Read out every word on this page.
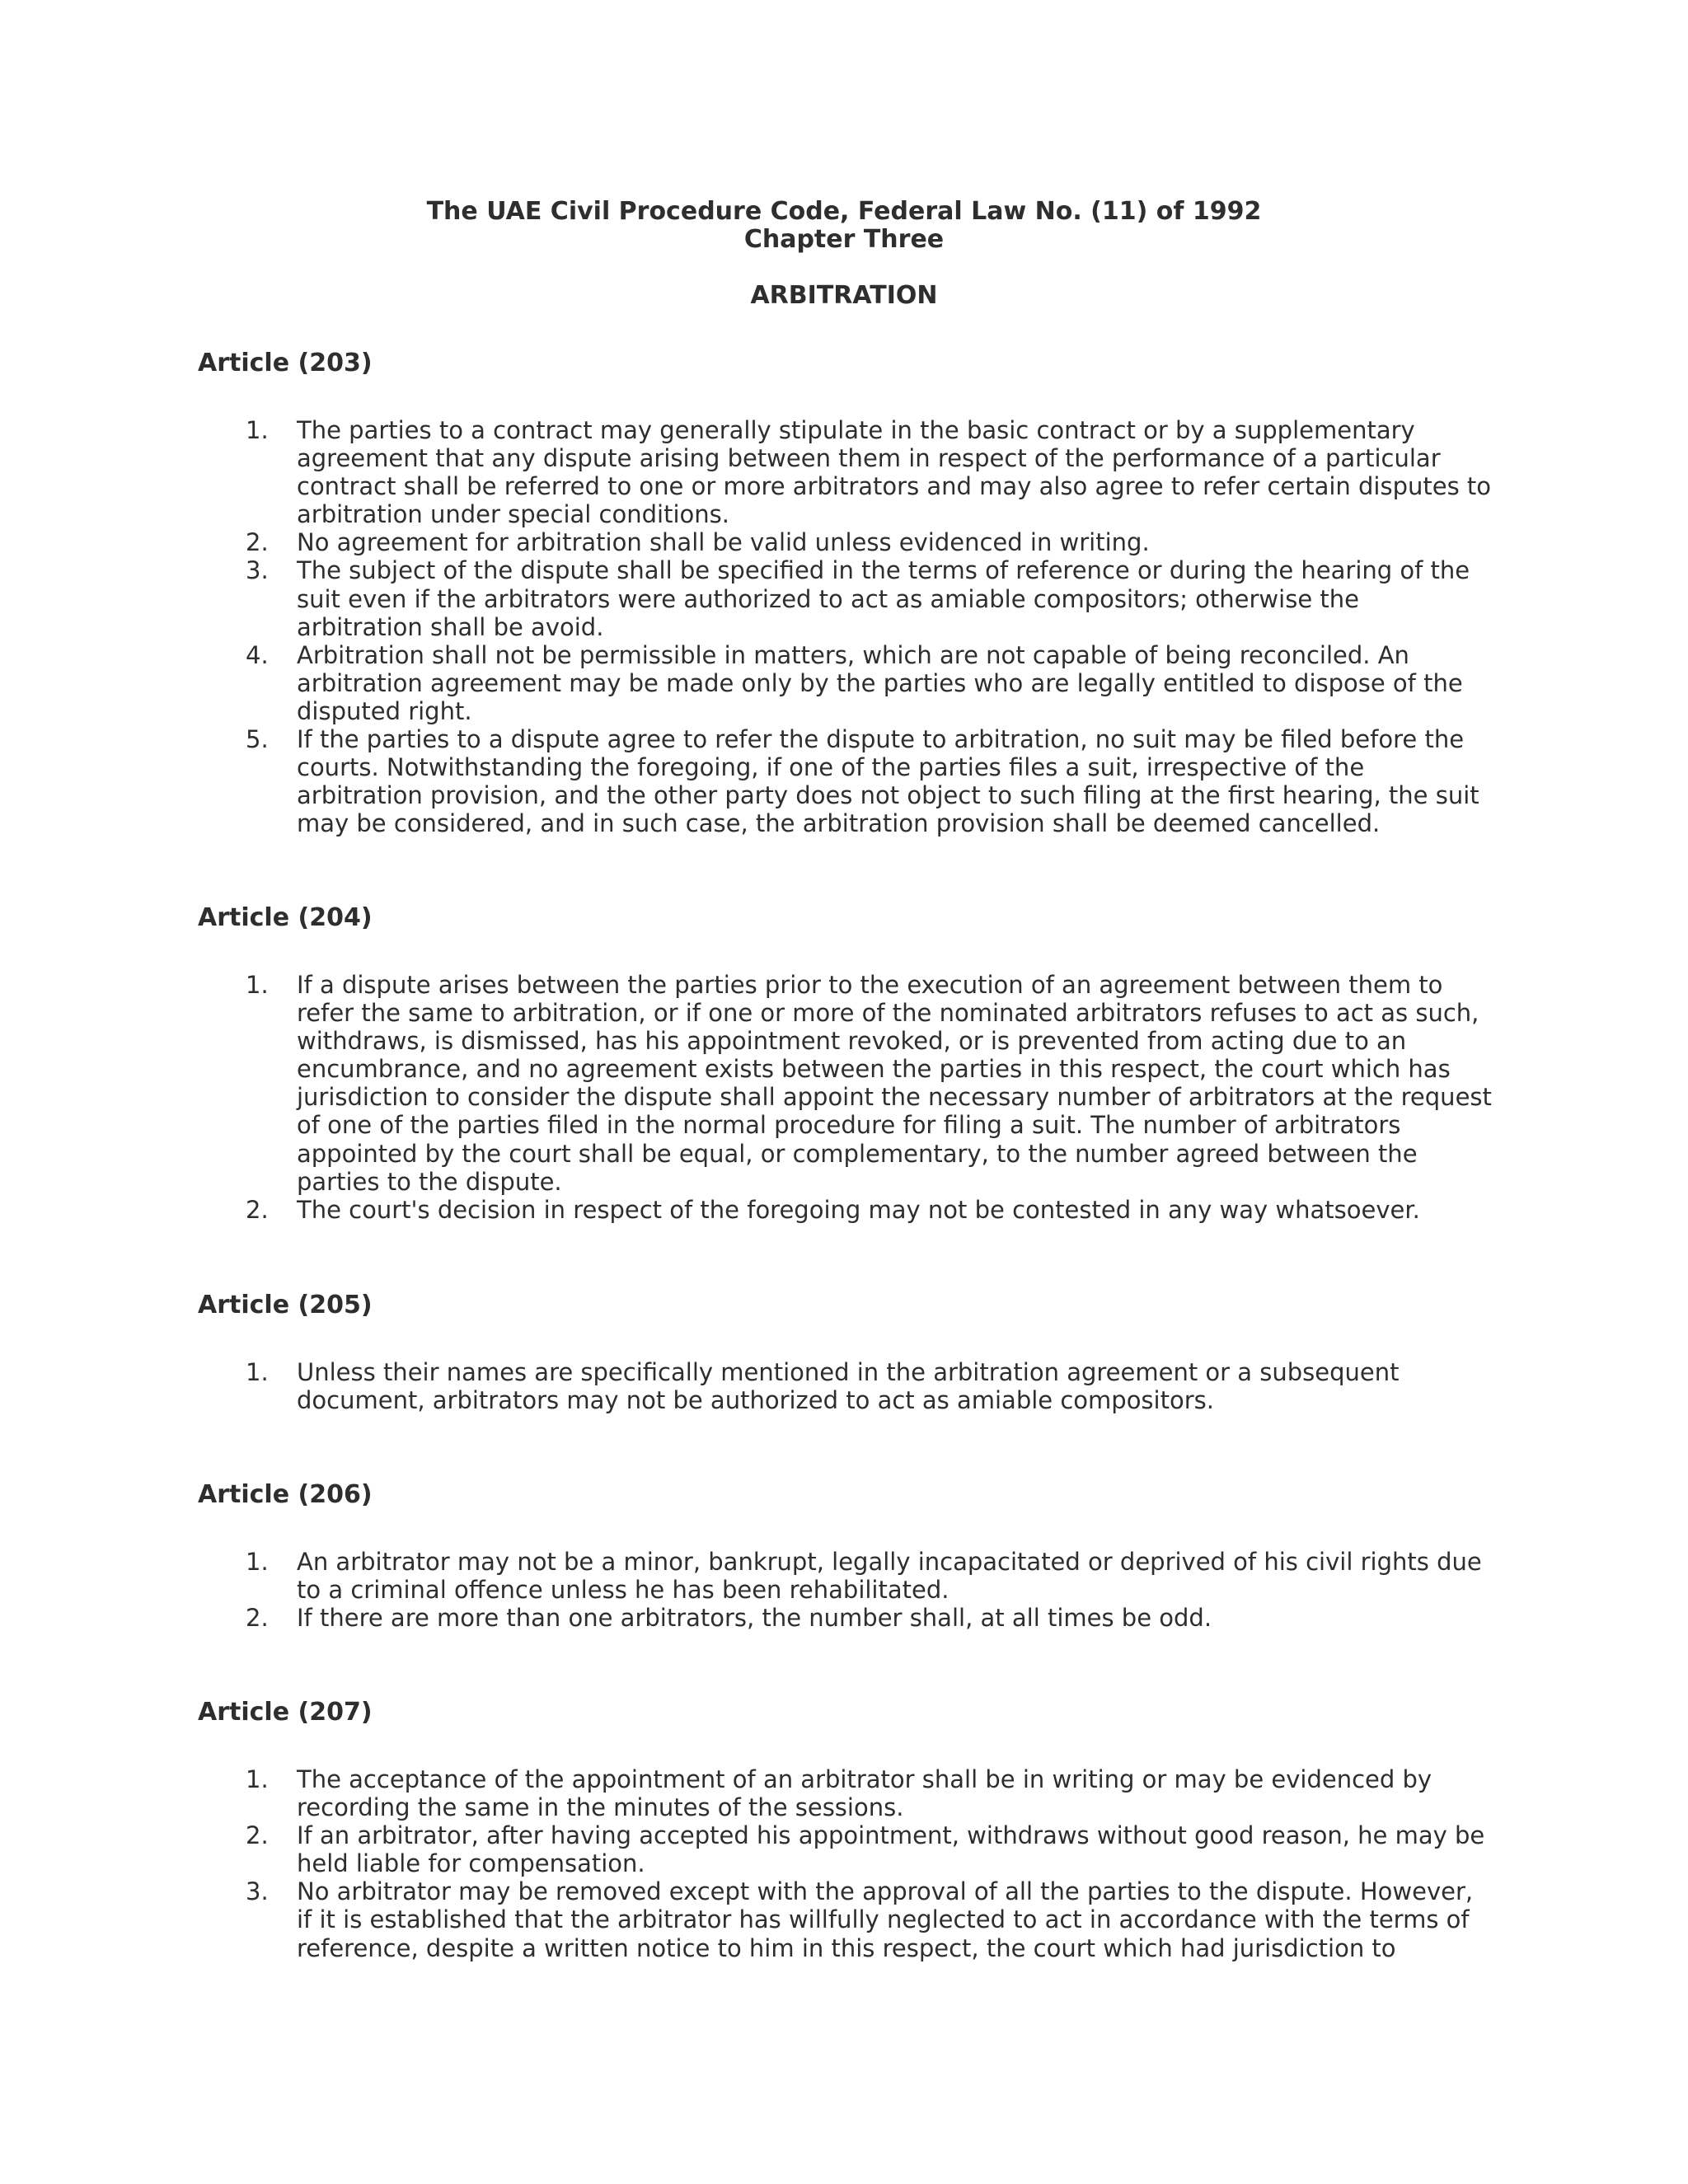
The UAE Civil Procedure Code, Federal Law No. (11) of 1992
Chapter Three
ARBITRATION
Article (203)
1. The parties to a contract may generally stipulate in the basic contract or by a supplementary agreement that any dispute arising between them in respect of the performance of a particular contract shall be referred to one or more arbitrators and may also agree to refer certain disputes to arbitration under special conditions.
2. No agreement for arbitration shall be valid unless evidenced in writing.
3. The subject of the dispute shall be specified in the terms of reference or during the hearing of the suit even if the arbitrators were authorized to act as amiable compositors; otherwise the arbitration shall be avoid.
4. Arbitration shall not be permissible in matters, which are not capable of being reconciled. An arbitration agreement may be made only by the parties who are legally entitled to dispose of the disputed right.
5. If the parties to a dispute agree to refer the dispute to arbitration, no suit may be filed before the courts. Notwithstanding the foregoing, if one of the parties files a suit, irrespective of the arbitration provision, and the other party does not object to such filing at the first hearing, the suit may be considered, and in such case, the arbitration provision shall be deemed cancelled.
Article (204)
1. If a dispute arises between the parties prior to the execution of an agreement between them to refer the same to arbitration, or if one or more of the nominated arbitrators refuses to act as such, withdraws, is dismissed, has his appointment revoked, or is prevented from acting due to an encumbrance, and no agreement exists between the parties in this respect, the court which has jurisdiction to consider the dispute shall appoint the necessary number of arbitrators at the request of one of the parties filed in the normal procedure for filing a suit. The number of arbitrators appointed by the court shall be equal, or complementary, to the number agreed between the parties to the dispute.
2. The court's decision in respect of the foregoing may not be contested in any way whatsoever.
Article (205)
1. Unless their names are specifically mentioned in the arbitration agreement or a subsequent document, arbitrators may not be authorized to act as amiable compositors.
Article (206)
1. An arbitrator may not be a minor, bankrupt, legally incapacitated or deprived of his civil rights due to a criminal offence unless he has been rehabilitated.
2. If there are more than one arbitrators, the number shall, at all times be odd.
Article (207)
1. The acceptance of the appointment of an arbitrator shall be in writing or may be evidenced by recording the same in the minutes of the sessions.
2. If an arbitrator, after having accepted his appointment, withdraws without good reason, he may be held liable for compensation.
3. No arbitrator may be removed except with the approval of all the parties to the dispute. However, if it is established that the arbitrator has willfully neglected to act in accordance with the terms of reference, despite a written notice to him in this respect, the court which had jurisdiction to
